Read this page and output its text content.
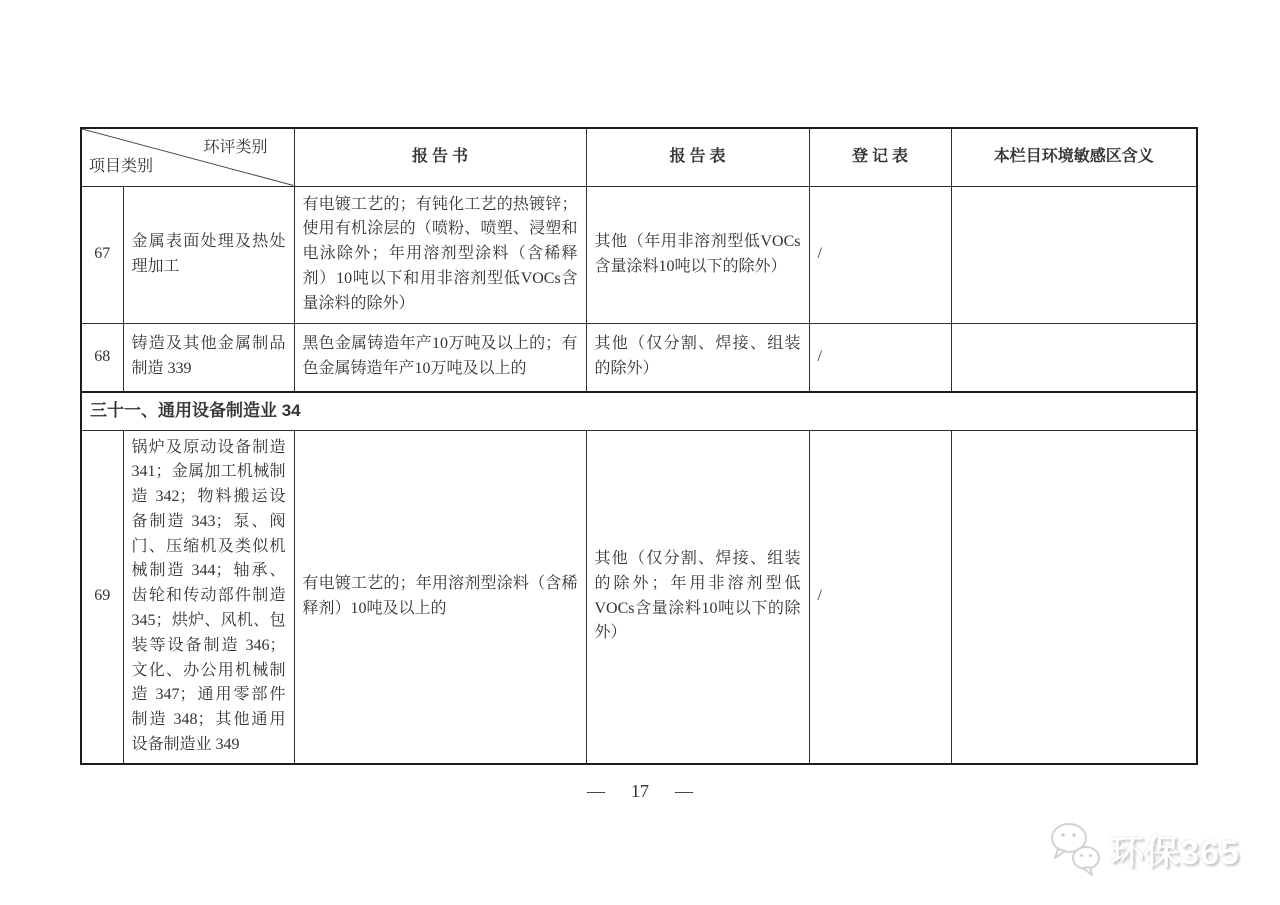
环评类别
项目类别		报 告 书	报 告 表	登 记 表	本栏目环境敏感区含义
67	金属表面处理及热处理加工	有电镀工艺的；有钝化工艺的热镀锌；使用有机涂层的（喷粉、喷塑、浸塑和电泳除外；年用溶剂型涂料（含稀释剂）10吨以下和用非溶剂型低VOCs含量涂料的除外）	其他（年用非溶剂型低VOCs含量涂料10吨以下的除外）	/	
68	铸造及其他金属制品制造 339	黑色金属铸造年产10万吨及以上的；有色金属铸造年产10万吨及以上的	其他（仅分割、焊接、组装的除外）	/	
三十一、通用设备制造业 34					
69	锅炉及原动设备制造 341；金属加工机械制造 342；物料搬运设备制造 343；泵、阀门、压缩机及类似机械制造 344；轴承、齿轮和传动部件制造 345；烘炉、风机、包装等设备制造 346；文化、办公用机械制造 347；通用零部件制造 348；其他通用设备制造业 349	有电镀工艺的；年用溶剂型涂料（含稀释剂）10吨及以上的	其他（仅分割、焊接、组装的除外；年用非溶剂型低VOCs含量涂料10吨以下的除外）	/	
— 17 —
环保365
